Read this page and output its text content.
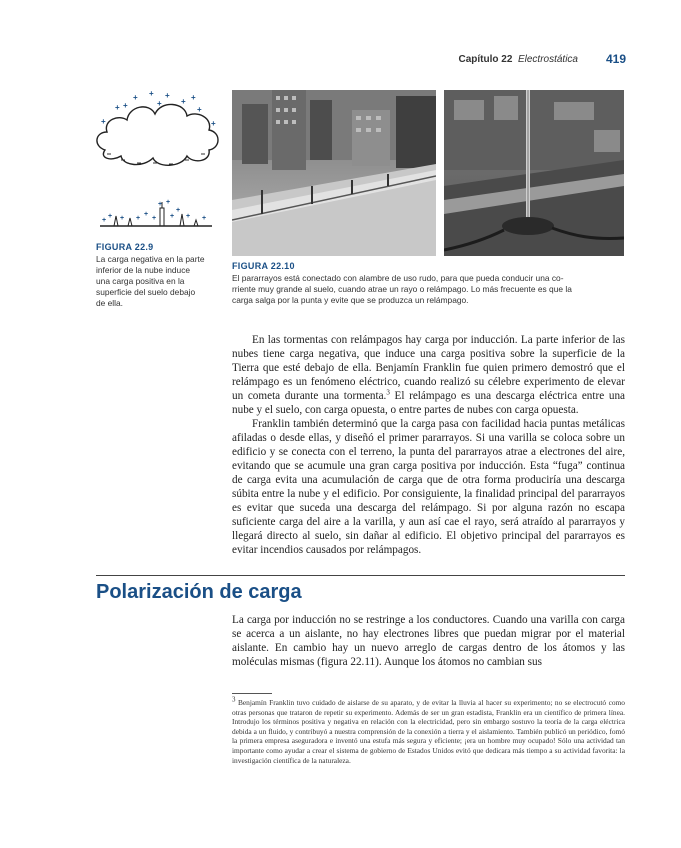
Capítulo 22 Electrostática 419
+
+
+ + +
+
+
+
+	+
+
+
+ + +
+
+
+ +
+
+
+ +
FIGURA 22.9
La carga negativa en la parte
inferior de la nube induce
una carga positiva en la
superficie del suelo debajo
de ella.
FIGURA 22.10
El pararrayos está conectado con alambre de uso rudo, para que pueda conducir una co-
rriente muy grande al suelo, cuando atrae un rayo o relámpago. Lo más frecuente es que la
carga salga por la punta y evite que se produzca un relámpago.

En las tormentas con relámpagos hay carga por inducción. La parte inferior de las nubes tiene carga negativa, que induce una carga positiva sobre la superficie de la Tierra que esté debajo de ella. Benjamín Franklin fue quien primero demostró que el relámpago es un fenómeno eléctrico, cuando realizó su célebre experimento de elevar un cometa durante una tormenta.$^3$ El relámpago es una descarga eléctrica entre una nube y el suelo, con carga opuesta, o entre partes de nubes con carga opuesta.

Franklin también determinó que la carga pasa con facilidad hacia puntas metálicas afiladas o desde ellas, y diseñó el primer pararrayos. Si una varilla se coloca sobre un edificio y se conecta con el terreno, la punta del pararrayos atrae a electrones del aire, evitando que se acumule una gran carga positiva por inducción. Esta “fuga” continua de carga evita una acumulación de carga que de otra forma produciría una descarga súbita entre la nube y el edificio. Por consiguiente, la finalidad principal del pararrayos es evitar que suceda una descarga del relámpago. Si por alguna razón no escapa suficiente carga del aire a la varilla, y aun así cae el rayo, será atraído al pararrayos y llegará directo al suelo, sin dañar al edificio. El objetivo principal del pararrayos es evitar incendios causados por relámpagos.

Polarización de carga

La carga por inducción no se restringe a los conductores. Cuando una varilla con carga se acerca a un aislante, no hay electrones libres que puedan migrar por el material aislante. En cambio hay un nuevo arreglo de cargas dentro de los átomos y las moléculas mismas (figura 22.11). Aunque los átomos no cambian sus

$^3$ Benjamín Franklin tuvo cuidado de aislarse de su aparato, y de evitar la lluvia al hacer su experimento; no se electrocutó como otras personas que trataron de repetir su experimento. Además de ser un gran estadista, Franklin era un científico de primera línea. Introdujo los términos positiva y negativa en relación con la electricidad, pero sin embargo sostuvo la teoría de la carga eléctrica debida a un fluido, y contribuyó a nuestra comprensión de la conexión a tierra y el aislamiento. También publicó un periódico, fomó la primera empresa aseguradora e inventó una estufa más segura y eficiente; ¡era un hombre muy ocupado! Sólo una actividad tan importante como ayudar a crear el sistema de gobierno de Estados Unidos evitó que dedicara más tiempo a su actividad favorita: la investigación científica de la naturaleza.
